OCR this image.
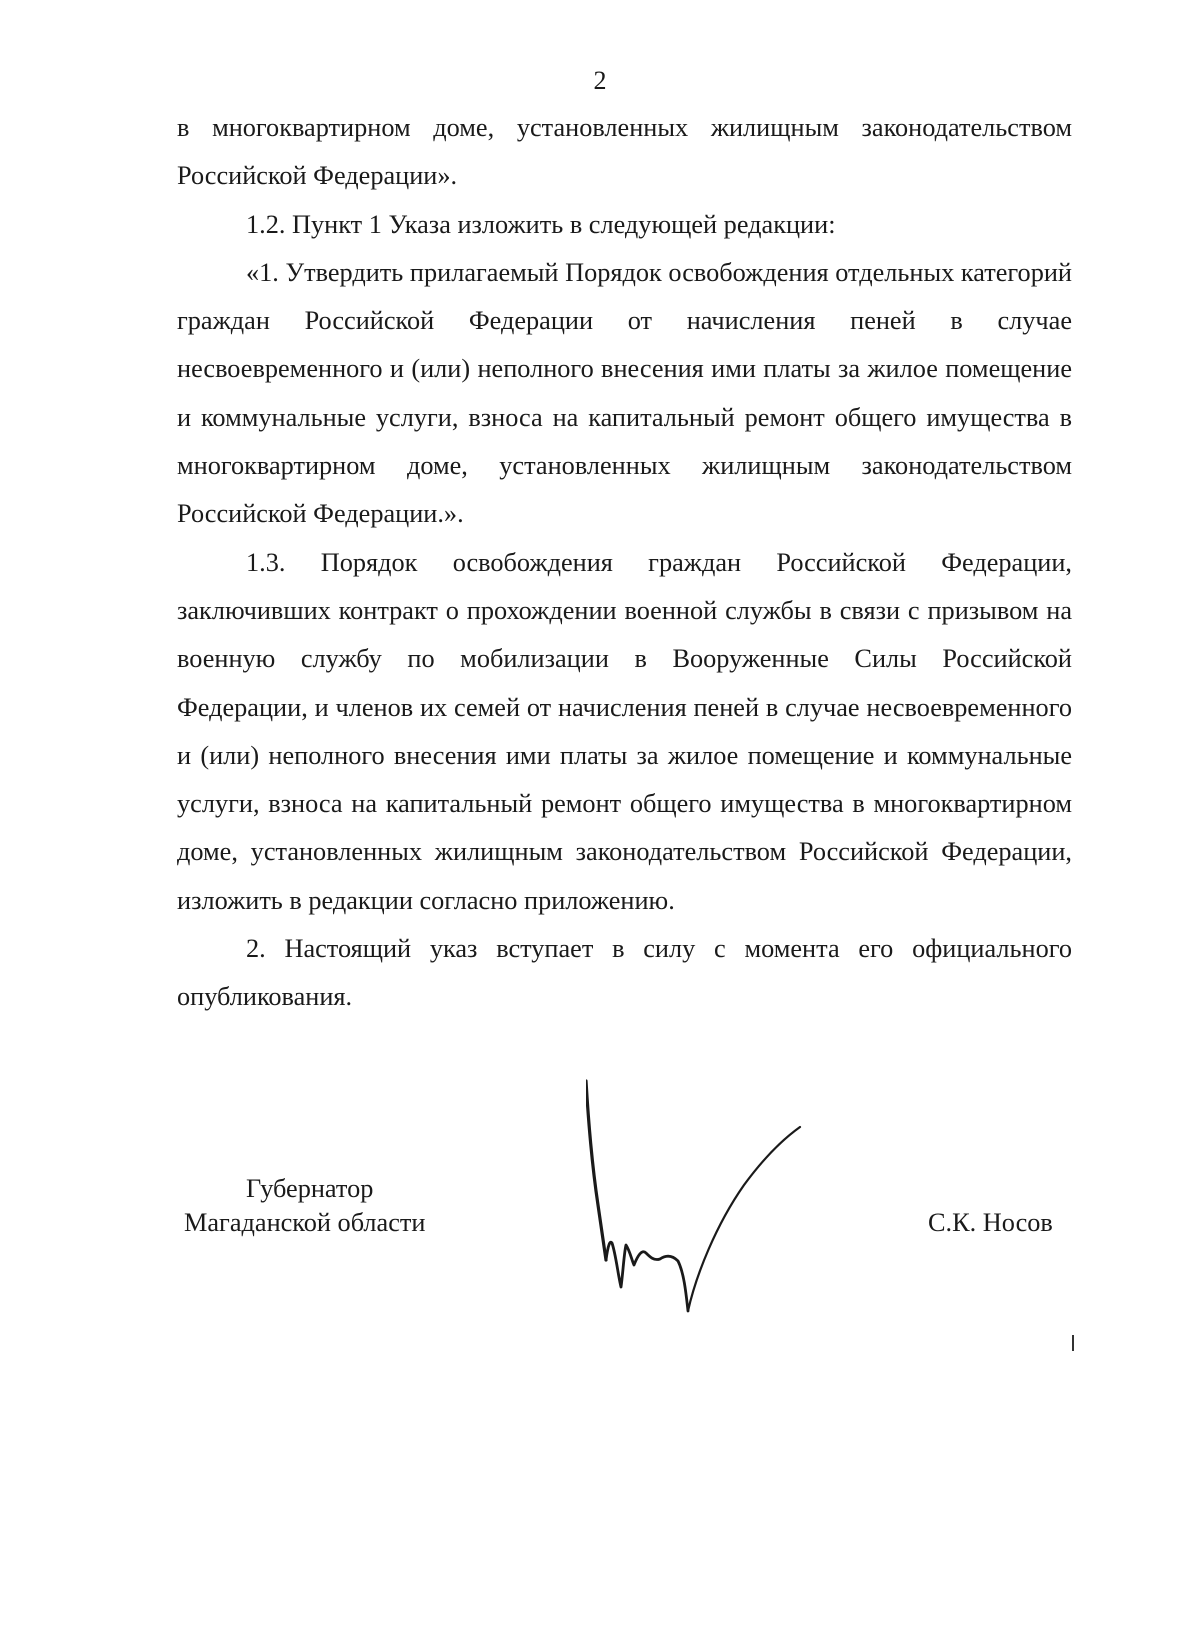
2

в многоквартирном доме, установленных жилищным законодательством Российской Федерации».

1.2. Пункт 1 Указа изложить в следующей редакции:

«1. Утвердить прилагаемый Порядок освобождения отдельных категорий граждан Российской Федерации от начисления пеней в случае несвоевременного и (или) неполного внесения ими платы за жилое помещение и коммунальные услуги, взноса на капитальный ремонт общего имущества в многоквартирном доме, установленных жилищным законодательством Российской Федерации.».

1.3. Порядок освобождения граждан Российской Федерации, заключивших контракт о прохождении военной службы в связи с призывом на военную службу по мобилизации в Вооруженные Силы Российской Федерации, и членов их семей от начисления пеней в случае несвоевременного и (или) неполного внесения ими платы за жилое помещение и коммунальные услуги, взноса на капитальный ремонт общего имущества в многоквартирном доме, установленных жилищным законодательством Российской Федерации, изложить в редакции согласно приложению.

2. Настоящий указ вступает в силу с момента его официального опубликования.

Губернатор
Магаданской области	С.К. Носов
